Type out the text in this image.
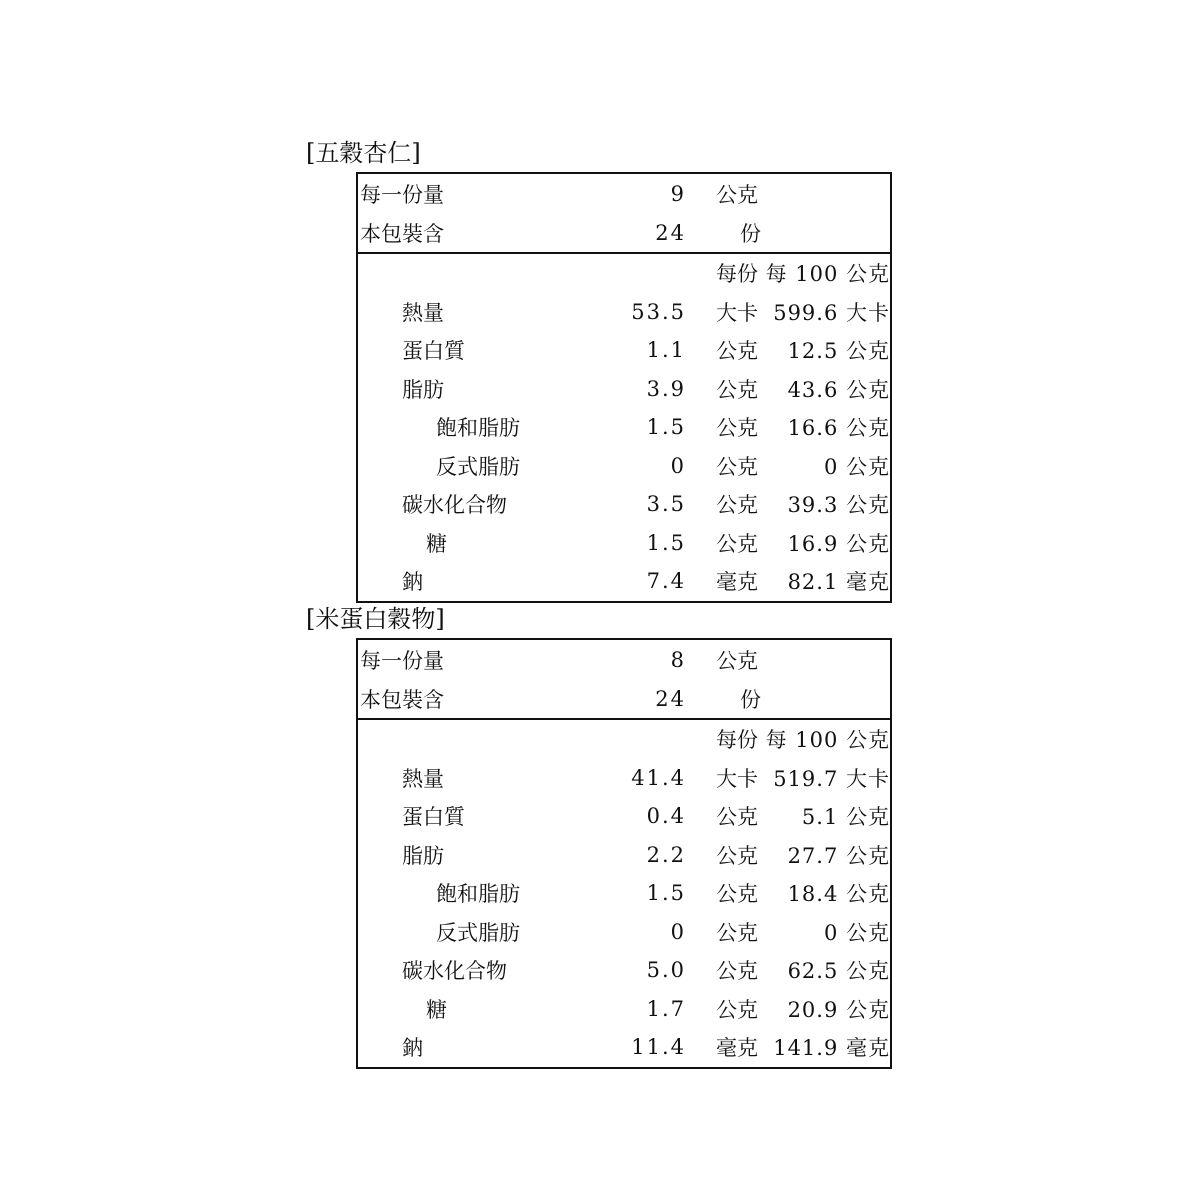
[五穀杏仁]
每一份量	9 公克
本包裝含	24	份
每份 每 100 公克
熱量	53.5 大卡 599.6 大卡
蛋白質	1.1 公克 12.5 公克
脂肪	3.9 公克 43.6 公克
飽和脂肪	1.5 公克 16.6 公克
反式脂肪	0 公克	0 公克
碳水化合物	3.5 公克 39.3 公克
糖	1.5 公克 16.9 公克
鈉	7.4 毫克 82.1 毫克
[米蛋白穀物]
每一份量	8 公克
本包裝含	24	份
每份 每 100 公克
熱量	41.4 大卡 519.7 大卡
蛋白質	0.4 公克 5.1 公克
脂肪	2.2 公克 27.7 公克
飽和脂肪	1.5 公克 18.4 公克
反式脂肪	0 公克	0 公克
碳水化合物	5.0 公克 62.5 公克
糖	1.7 公克 20.9 公克
鈉	11.4 毫克 141.9 毫克
